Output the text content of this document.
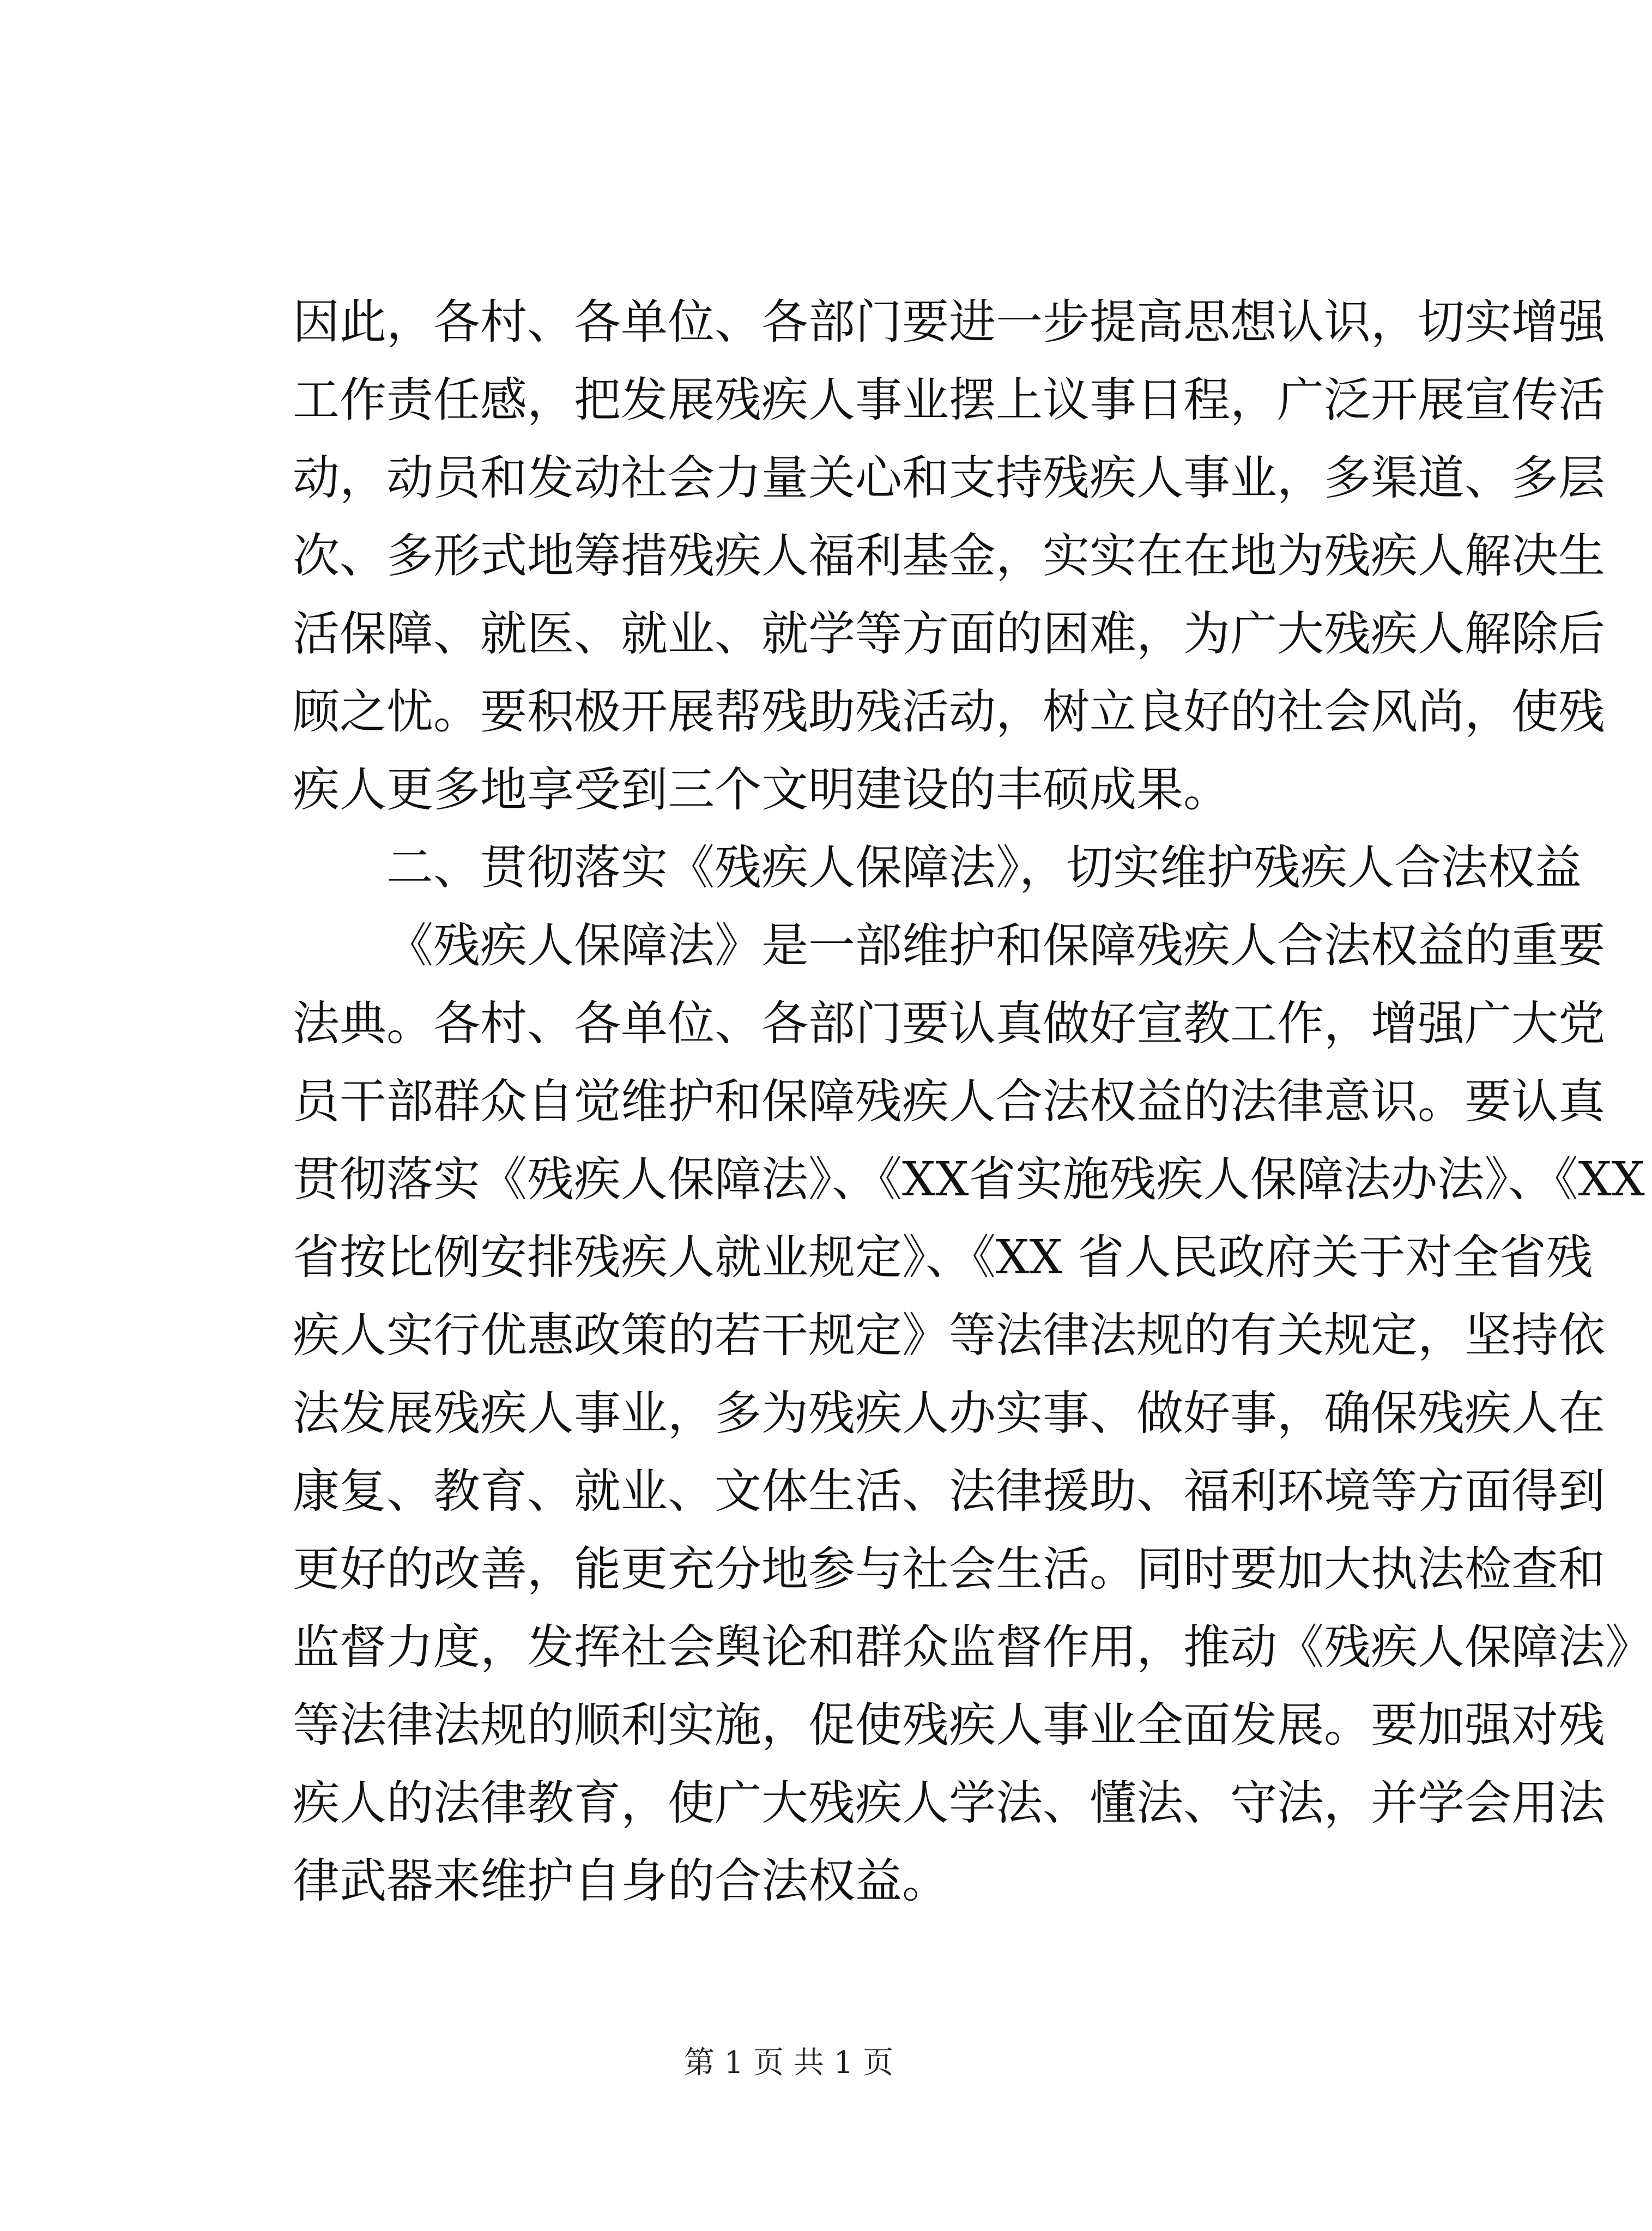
因此，各村、各单位、各部门要进一步提高思想认识，切实增强
工作责任感，把发展残疾人事业摆上议事日程，广泛开展宣传活
动，动员和发动社会力量关心和支持残疾人事业，多渠道、多层
次、多形式地筹措残疾人福利基金，实实在在地为残疾人解决生
活保障、就医、就业、就学等方面的困难，为广大残疾人解除后
顾之忧。要积极开展帮残助残活动，树立良好的社会风尚，使残
疾人更多地享受到三个文明建设的丰硕成果。
二、贯彻落实《残疾人保障法》，切实维护残疾人合法权益
《残疾人保障法》是一部维护和保障残疾人合法权益的重要
法典。各村、各单位、各部门要认真做好宣教工作，增强广大党
员干部群众自觉维护和保障残疾人合法权益的法律意识。要认真
贯彻落实《残疾人保障法》、《XX省实施残疾人保障法办法》、《XX
省按比例安排残疾人就业规定》、《XX 省人民政府关于对全省残
疾人实行优惠政策的若干规定》等法律法规的有关规定，坚持依
法发展残疾人事业，多为残疾人办实事、做好事，确保残疾人在
康复、教育、就业、文体生活、法律援助、福利环境等方面得到
更好的改善，能更充分地参与社会生活。同时要加大执法检查和
监督力度，发挥社会舆论和群众监督作用，推动《残疾人保障法》
等法律法规的顺利实施，促使残疾人事业全面发展。要加强对残
疾人的法律教育，使广大残疾人学法、懂法、守法，并学会用法
律武器来维护自身的合法权益。
第 1 页 共 1 页
